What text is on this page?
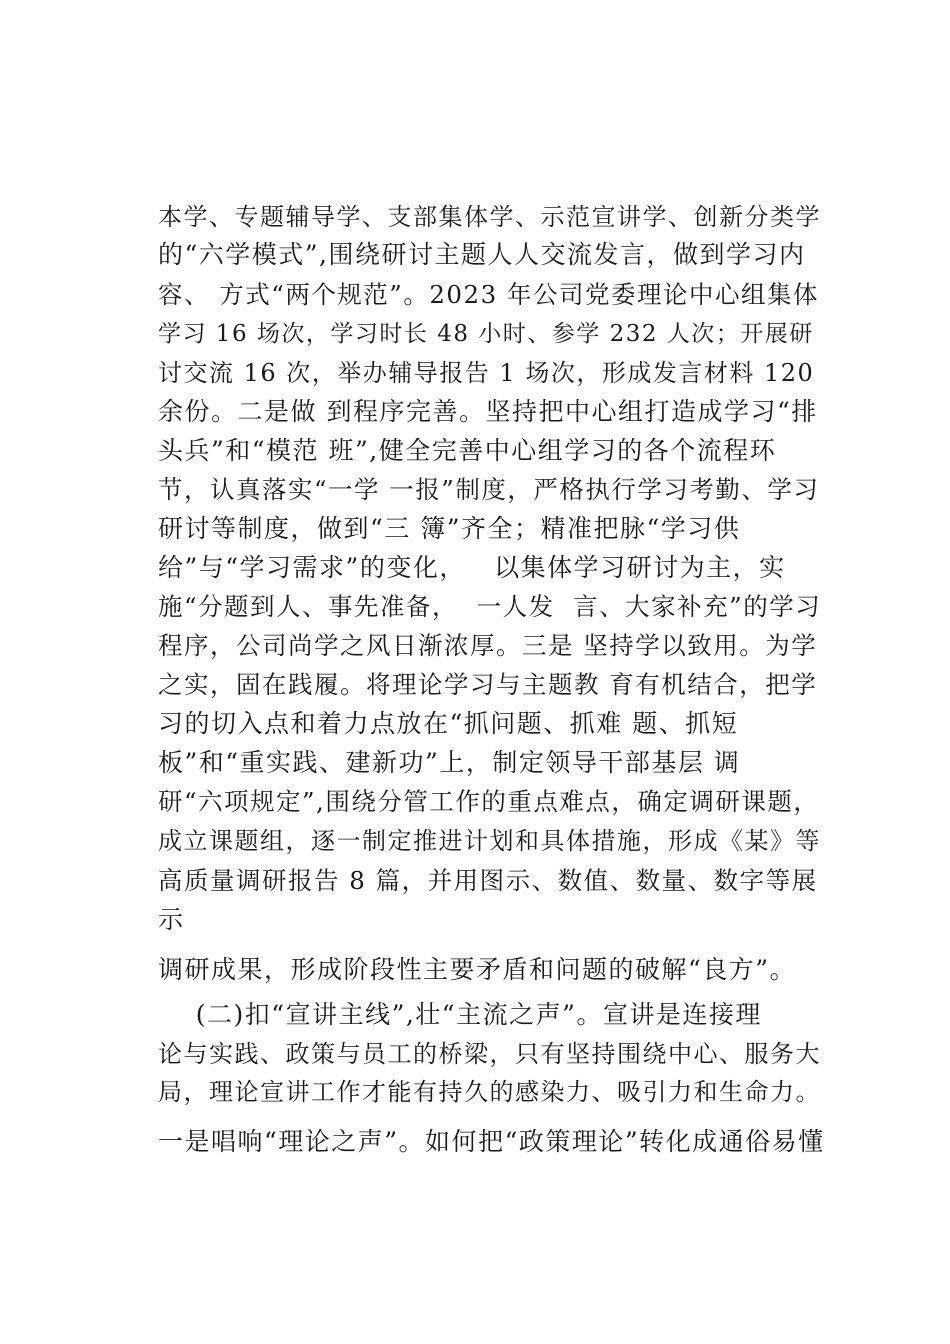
本学、专题辅导学、支部集体学、示范宣讲学、创新分类学
的“六学模式”,围绕研讨主题人人交流发言，做到学习内
容、 方式“两个规范”。2023 年公司党委理论中心组集体
学习 16 场次，学习时长 48 小时、参学 232 人次；开展研
讨交流 16 次，举办辅导报告 1 场次，形成发言材料 120
余份。二是做 到程序完善。坚持把中心组打造成学习“排
头兵”和“模范 班”,健全完善中心组学习的各个流程环
节，认真落实“一学 一报”制度，严格执行学习考勤、学习
研讨等制度，做到“三 簿”齐全；精准把脉“学习供
给”与“学习需求”的变化，   以集体学习研讨为主，实
施“分题到人、事先准备，  一人发  言、大家补充”的学习
程序，公司尚学之风日渐浓厚。三是 坚持学以致用。为学
之实，固在践履。将理论学习与主题教 育有机结合，把学
习的切入点和着力点放在“抓问题、抓难 题、抓短
板”和“重实践、建新功”上，制定领导干部基层 调
研“六项规定”,围绕分管工作的重点难点，确定调研课题，
成立课题组，逐一制定推进计划和具体措施，形成《某》等
高质量调研报告 8 篇，并用图示、数值、数量、数字等展
示
调研成果，形成阶段性主要矛盾和问题的破解“良方”。
(二)扣“宣讲主线”,壮“主流之声”。宣讲是连接理
论与实践、政策与员工的桥梁，只有坚持围绕中心、服务大
局，理论宣讲工作才能有持久的感染力、吸引力和生命力。
一是唱响“理论之声”。如何把“政策理论”转化成通俗易懂
